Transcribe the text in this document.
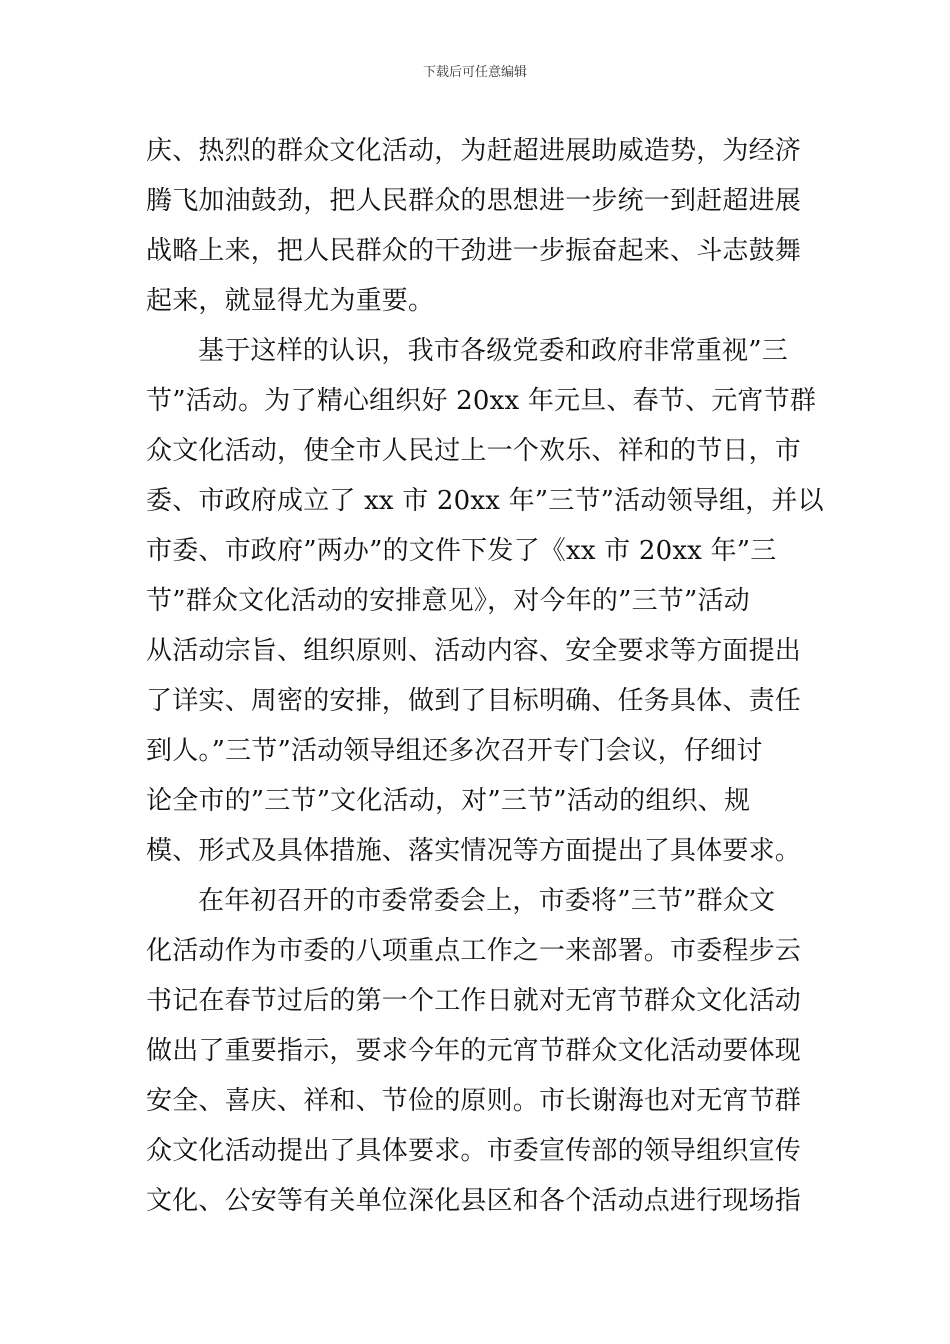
下载后可任意编辑
庆、热烈的群众文化活动，为赶超进展助威造势，为经济
腾飞加油鼓劲，把人民群众的思想进一步统一到赶超进展
战略上来，把人民群众的干劲进一步振奋起来、斗志鼓舞
起来，就显得尤为重要。
基于这样的认识，我市各级党委和政府非常重视”三
节”活动。为了精心组织好 20xx 年元旦、春节、元宵节群
众文化活动，使全市人民过上一个欢乐、祥和的节日，市
委、市政府成立了 xx 市 20xx 年”三节”活动领导组，并以
市委、市政府”两办”的文件下发了《xx 市 20xx 年”三
节”群众文化活动的安排意见》，对今年的”三节”活动
从活动宗旨、组织原则、活动内容、安全要求等方面提出
了详实、周密的安排，做到了目标明确、任务具体、责任
到人。”三节”活动领导组还多次召开专门会议，仔细讨
论全市的”三节”文化活动，对”三节”活动的组织、规
模、形式及具体措施、落实情况等方面提出了具体要求。
在年初召开的市委常委会上，市委将”三节”群众文
化活动作为市委的八项重点工作之一来部署。市委程步云
书记在春节过后的第一个工作日就对无宵节群众文化活动
做出了重要指示，要求今年的元宵节群众文化活动要体现
安全、喜庆、祥和、节俭的原则。市长谢海也对无宵节群
众文化活动提出了具体要求。市委宣传部的领导组织宣传
文化、公安等有关单位深化县区和各个活动点进行现场指
